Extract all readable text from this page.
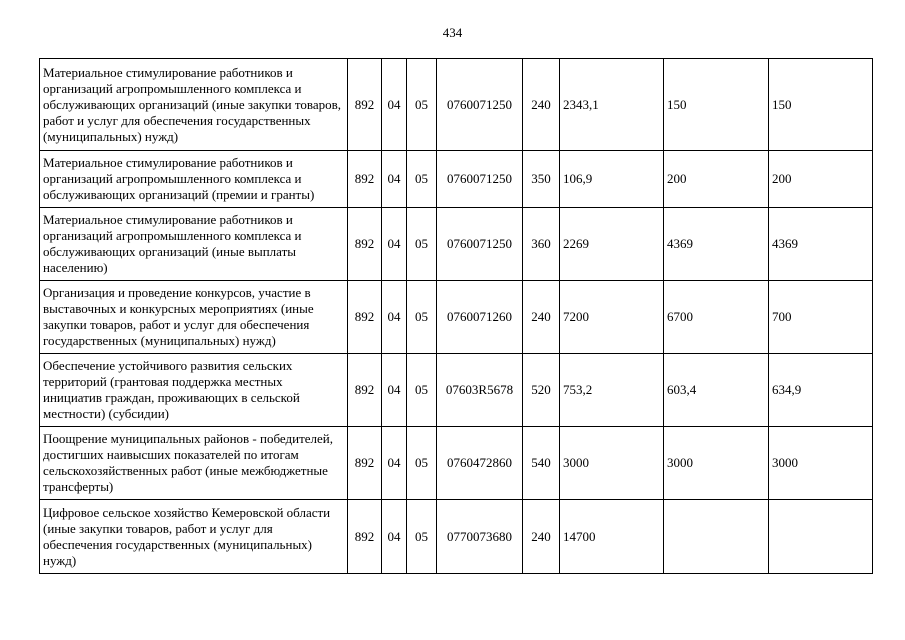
434
Материальное стимулирование работников и организаций агропромышленного комплекса и обслуживающих организаций (иные закупки товаров, работ и услуг для обеспечения государственных (муниципальных) нужд)	892	04	05	0760071250	240	2343,1	150	150
Материальное стимулирование работников и организаций агропромышленного комплекса и обслуживающих организаций (премии и гранты)	892	04	05	0760071250	350	106,9	200	200
Материальное стимулирование работников и организаций агропромышленного комплекса и обслуживающих организаций (иные выплаты населению)	892	04	05	0760071250	360	2269	4369	4369
Организация и проведение конкурсов, участие в выставочных и конкурсных мероприятиях (иные закупки товаров, работ и услуг для обеспечения государственных (муниципальных) нужд)	892	04	05	0760071260	240	7200	6700	700
Обеспечение устойчивого развития сельских территорий (грантовая поддержка местных инициатив граждан, проживающих в сельской местности) (субсидии)	892	04	05	07603R5678	520	753,2	603,4	634,9
Поощрение муниципальных районов - победителей, достигших наивысших показателей по итогам сельскохозяйственных работ (иные межбюджетные трансферты)	892	04	05	0760472860	540	3000	3000	3000
Цифровое сельское хозяйство Кемеровской области (иные закупки товаров, работ и услуг для обеспечения государственных (муниципальных) нужд)	892	04	05	0770073680	240	14700		
